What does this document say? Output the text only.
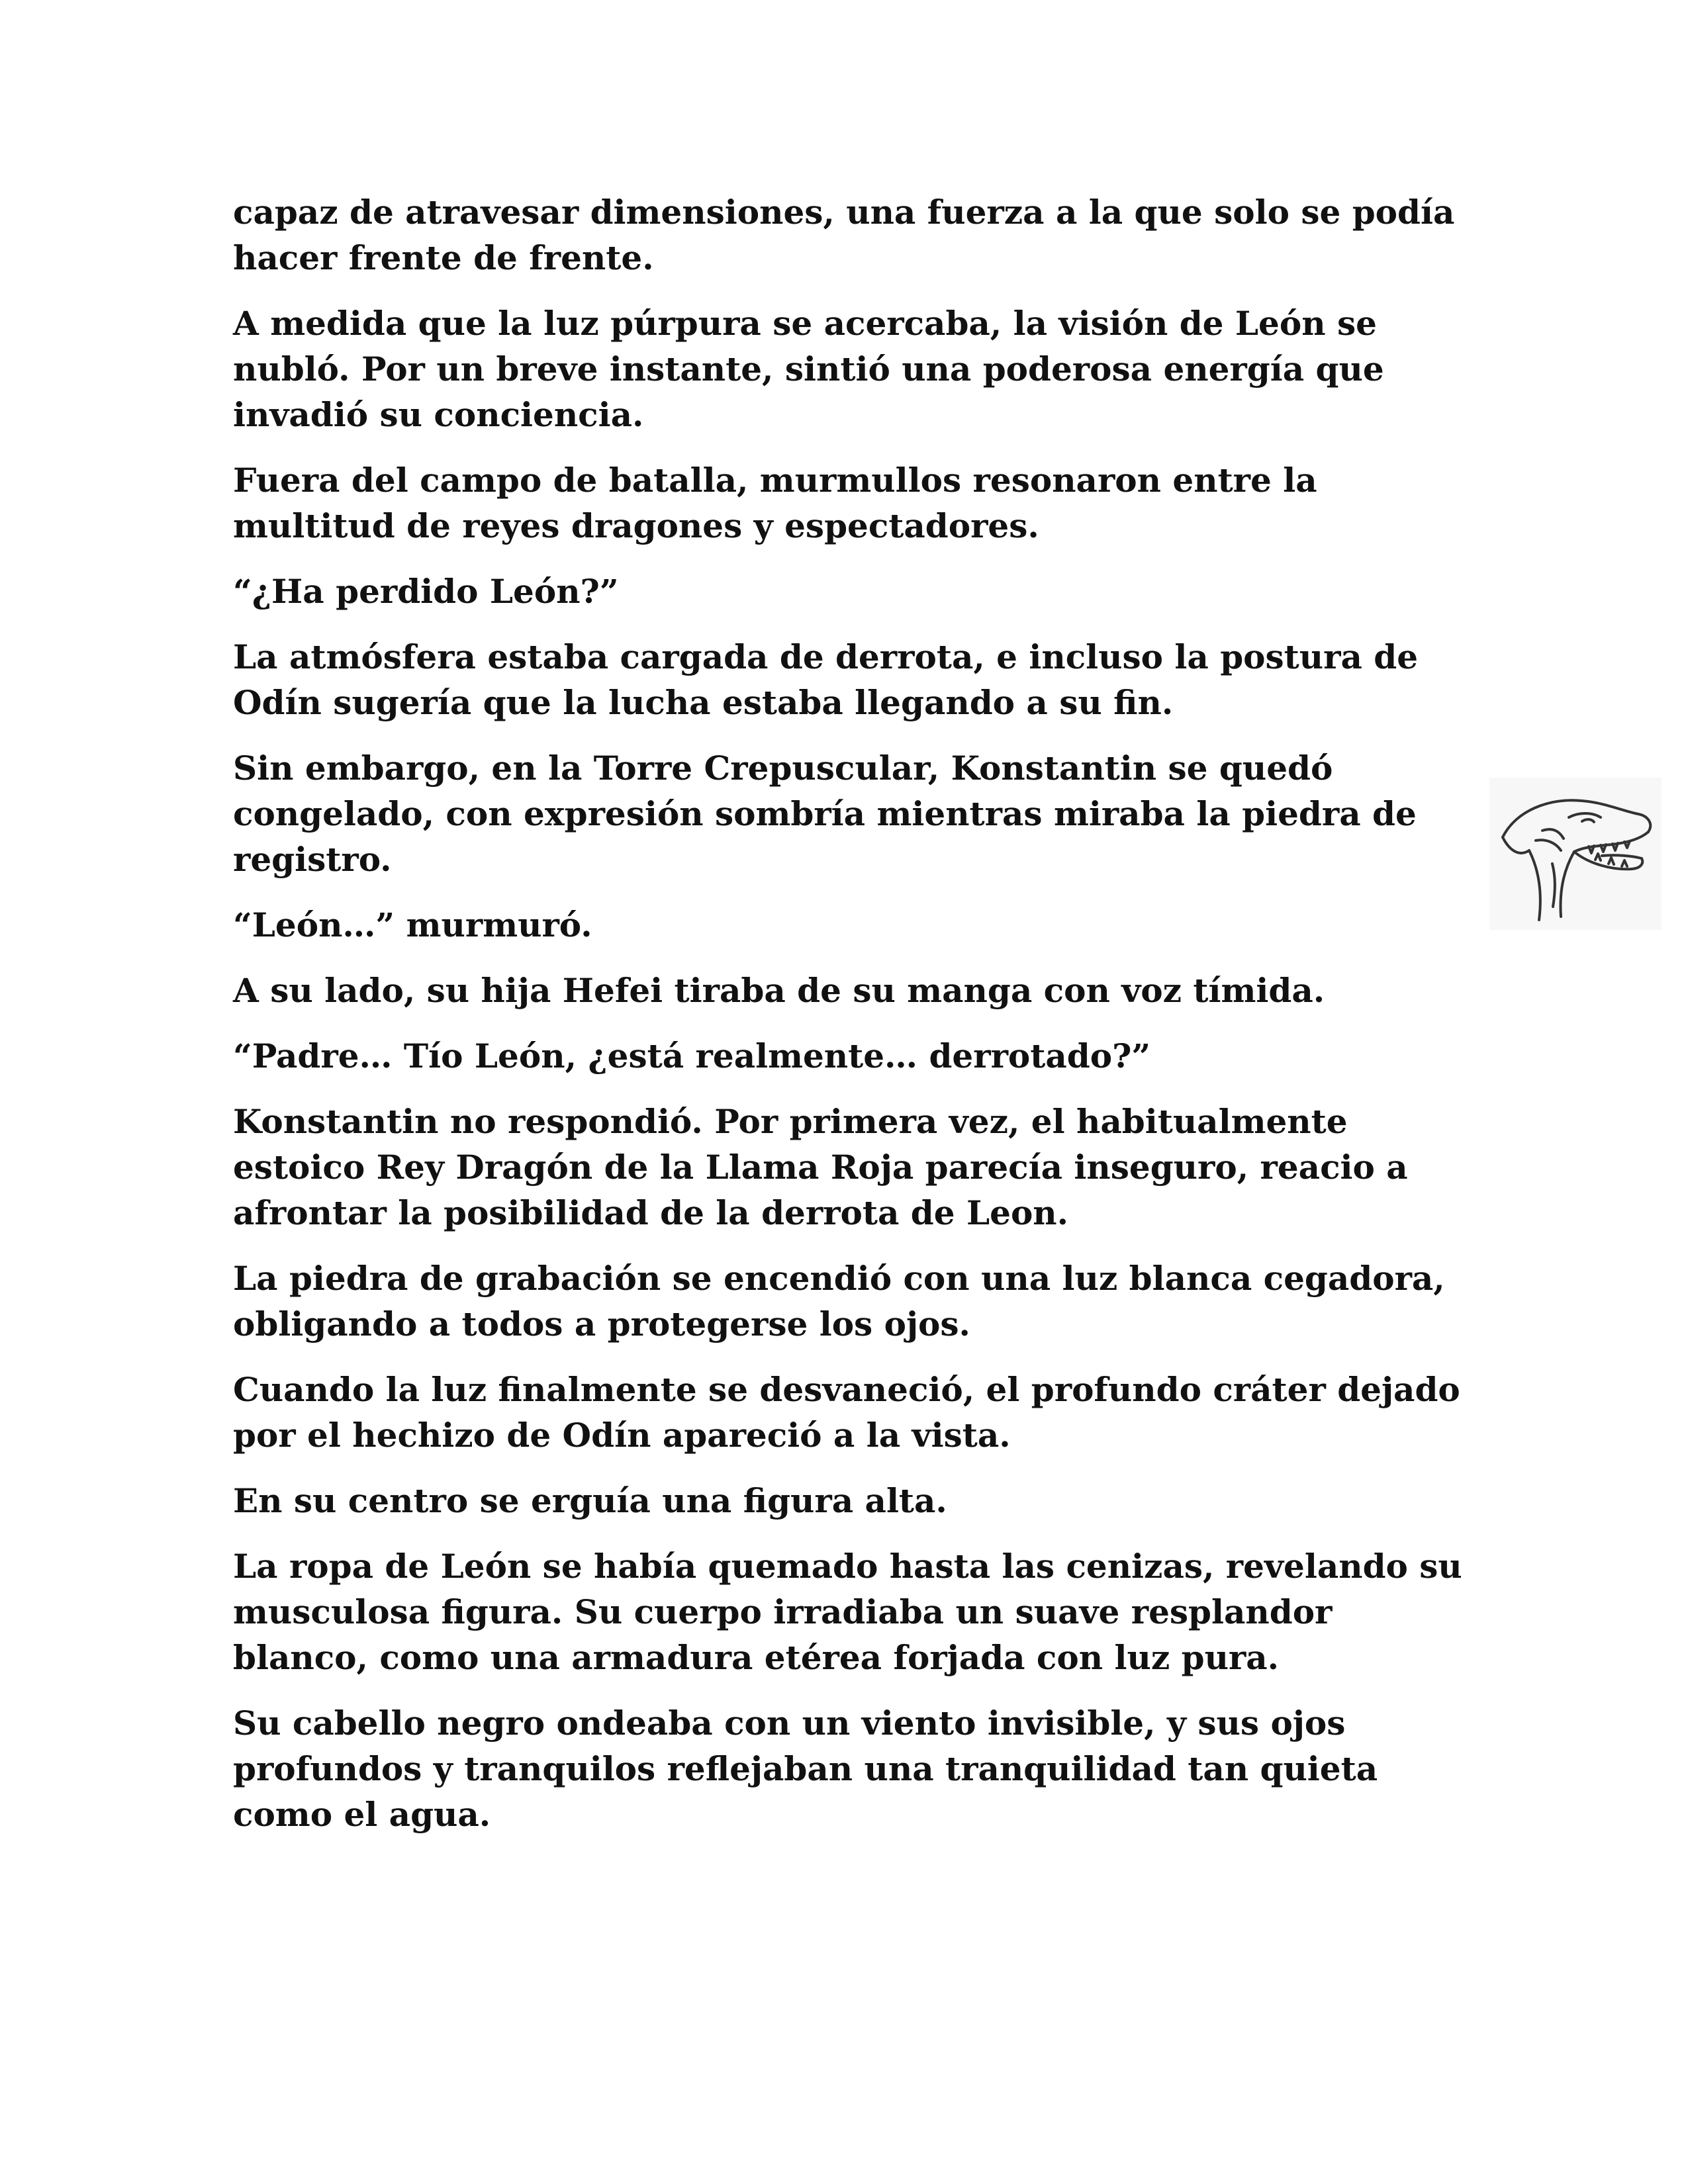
capaz de atravesar dimensiones, una fuerza a la que solo se podía hacer frente de frente.

A medida que la luz púrpura se acercaba, la visión de León se nubló. Por un breve instante, sintió una poderosa energía que invadió su conciencia.

Fuera del campo de batalla, murmullos resonaron entre la multitud de reyes dragones y espectadores.

“¿Ha perdido León?”

La atmósfera estaba cargada de derrota, e incluso la postura de Odín sugería que la lucha estaba llegando a su fin.

Sin embargo, en la Torre Crepuscular, Konstantin se quedó congelado, con expresión sombría mientras miraba la piedra de registro.

“León…” murmuró.

A su lado, su hija Hefei tiraba de su manga con voz tímida.

“Padre… Tío León, ¿está realmente… derrotado?”

Konstantin no respondió. Por primera vez, el habitualmente estoico Rey Dragón de la Llama Roja parecía inseguro, reacio a afrontar la posibilidad de la derrota de Leon.

La piedra de grabación se encendió con una luz blanca cegadora, obligando a todos a protegerse los ojos.

Cuando la luz finalmente se desvaneció, el profundo cráter dejado por el hechizo de Odín apareció a la vista.

En su centro se erguía una figura alta.

La ropa de León se había quemado hasta las cenizas, revelando su musculosa figura. Su cuerpo irradiaba un suave resplandor blanco, como una armadura etérea forjada con luz pura.

Su cabello negro ondeaba con un viento invisible, y sus ojos profundos y tranquilos reflejaban una tranquilidad tan quieta como el agua.
